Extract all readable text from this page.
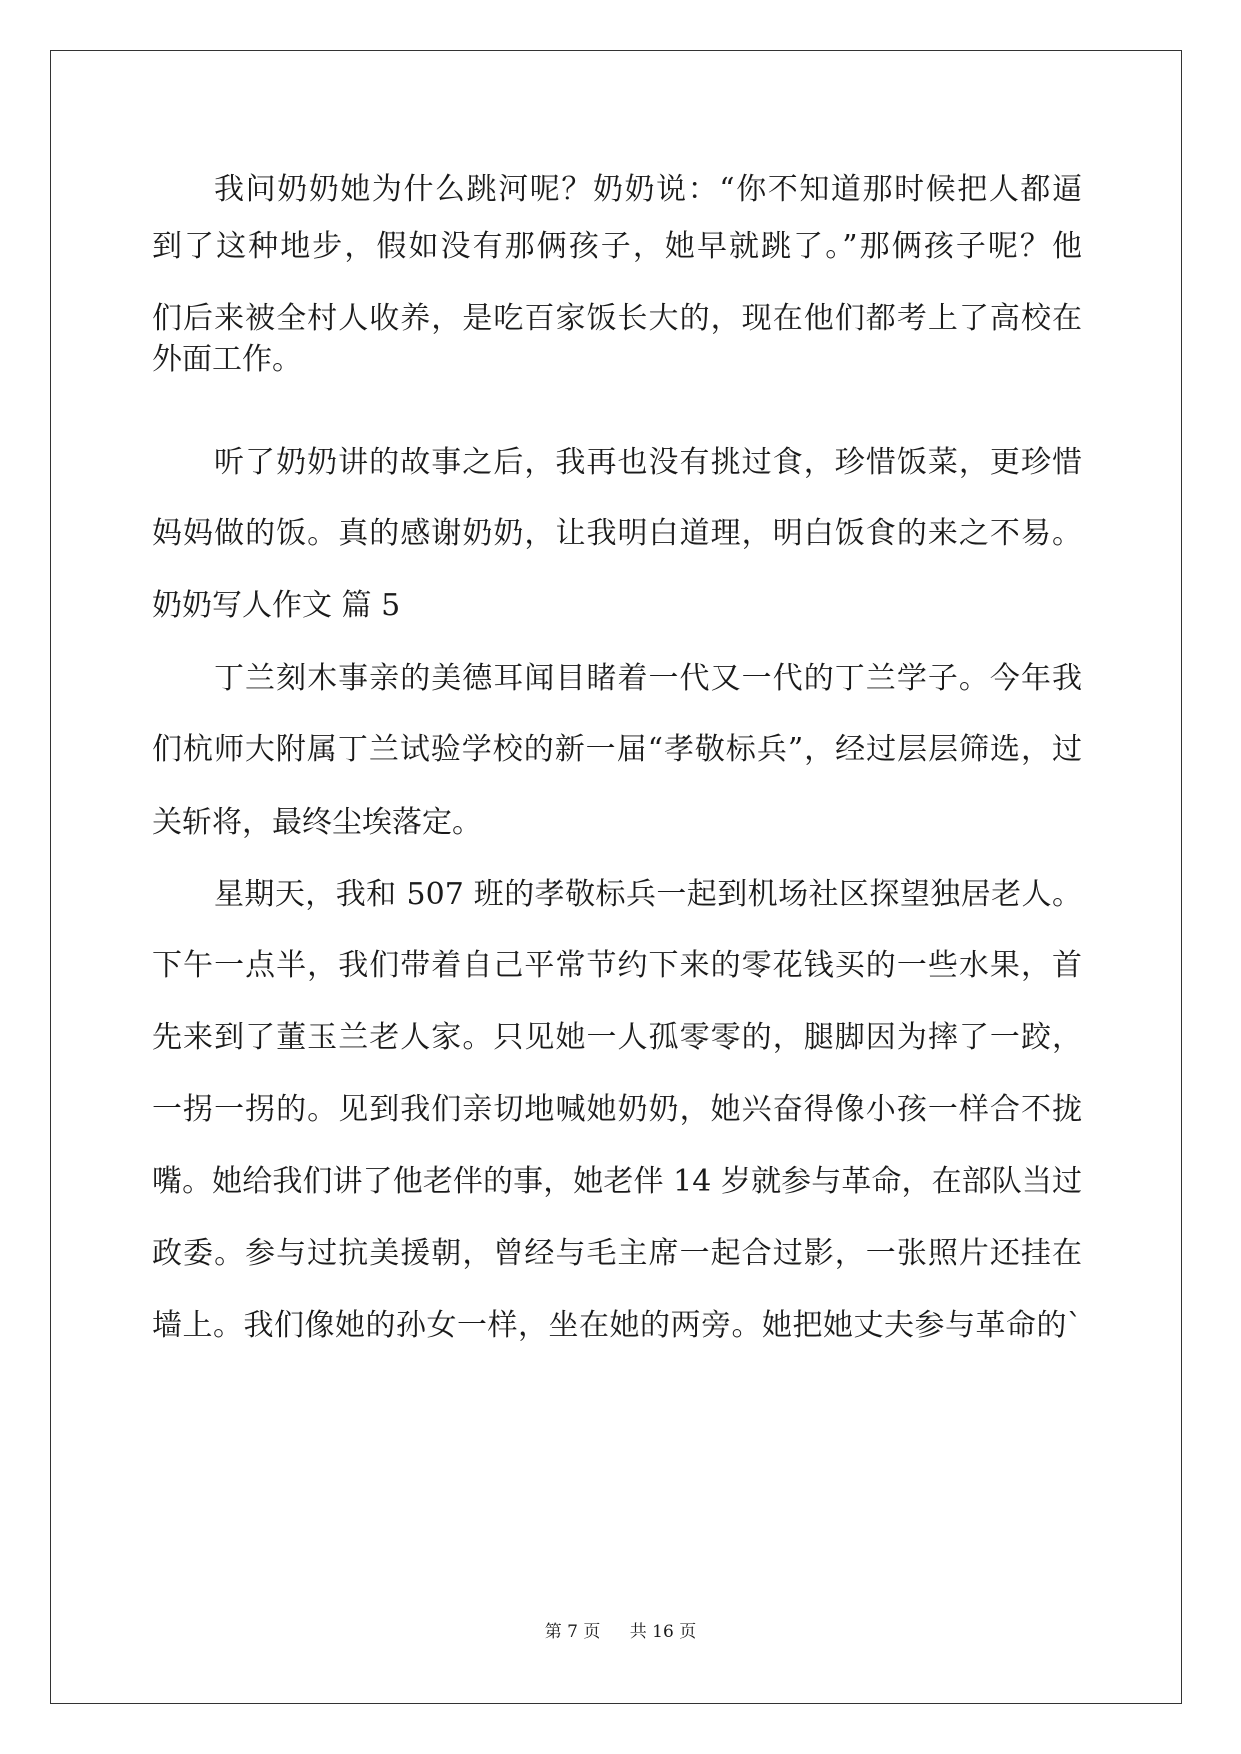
我问奶奶她为什么跳河呢？奶奶说：“你不知道那时候把人都逼
到了这种地步，假如没有那俩孩子，她早就跳了。”那俩孩子呢？他
们后来被全村人收养，是吃百家饭长大的，现在他们都考上了高校在
外面工作。
听了奶奶讲的故事之后，我再也没有挑过食，珍惜饭菜，更珍惜
妈妈做的饭。真的感谢奶奶，让我明白道理，明白饭食的来之不易。
奶奶写人作文 篇 5
丁兰刻木事亲的美德耳闻目睹着一代又一代的丁兰学子。今年我
们杭师大附属丁兰试验学校的新一届“孝敬标兵”，经过层层筛选，过
关斩将，最终尘埃落定。
星期天，我和 507 班的孝敬标兵一起到机场社区探望独居老人。
下午一点半，我们带着自己平常节约下来的零花钱买的一些水果，首
先来到了董玉兰老人家。只见她一人孤零零的，腿脚因为摔了一跤，
一拐一拐的。见到我们亲切地喊她奶奶，她兴奋得像小孩一样合不拢
嘴。她给我们讲了他老伴的事，她老伴 14 岁就参与革命，在部队当过
政委。参与过抗美援朝，曾经与毛主席一起合过影，一张照片还挂在
墙上。我们像她的孙女一样，坐在她的两旁。她把她丈夫参与革命的`
第 7 页 共 16 页
